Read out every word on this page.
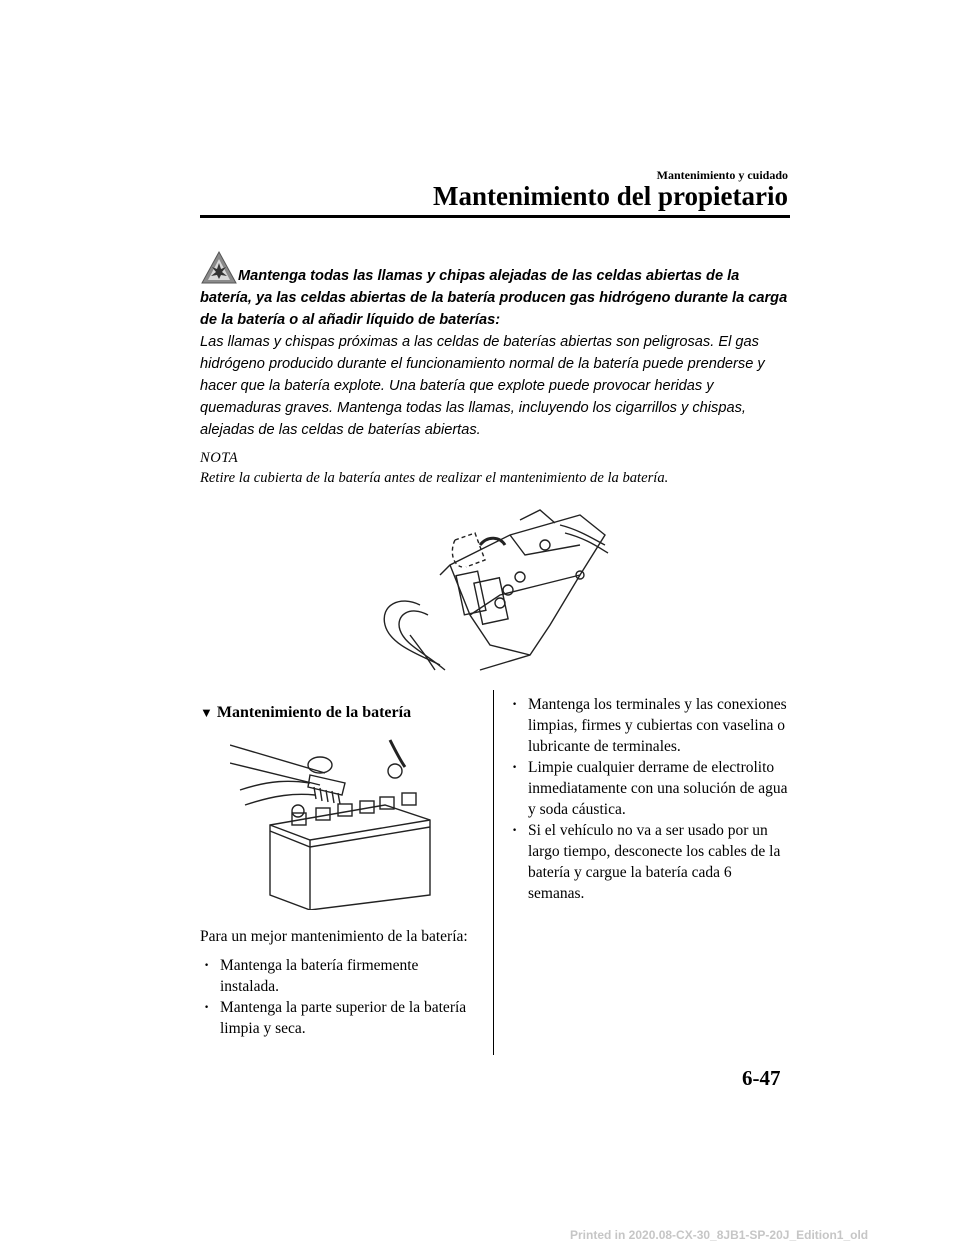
Mantenimiento y cuidado
Mantenimiento del propietario
Mantenga todas las llamas y chipas alejadas de las celdas abiertas de la batería, ya las celdas abiertas de la batería producen gas hidrógeno durante la carga de la batería o al añadir líquido de baterías:
Las llamas y chispas próximas a las celdas de baterías abiertas son peligrosas. El gas hidrógeno producido durante el funcionamiento normal de la batería puede prenderse y hacer que la batería explote. Una batería que explote puede provocar heridas y quemaduras graves. Mantenga todas las llamas, incluyendo los cigarrillos y chispas, alejadas de las celdas de baterías abiertas.
NOTA
Retire la cubierta de la batería antes de realizar el mantenimiento de la batería.
▼ Mantenimiento de la batería
Para un mejor mantenimiento de la batería:
· Mantenga la batería firmemente instalada.
· Mantenga la parte superior de la batería limpia y seca.
· Mantenga los terminales y las conexiones limpias, firmes y cubiertas con vaselina o lubricante de terminales.
· Limpie cualquier derrame de electrolito inmediatamente con una solución de agua y soda cáustica.
· Si el vehículo no va a ser usado por un largo tiempo, desconecte los cables de la batería y cargue la batería cada 6 semanas.
6-47
Printed in 2020.08-CX-30_8JB1-SP-20J_Edition1_old
